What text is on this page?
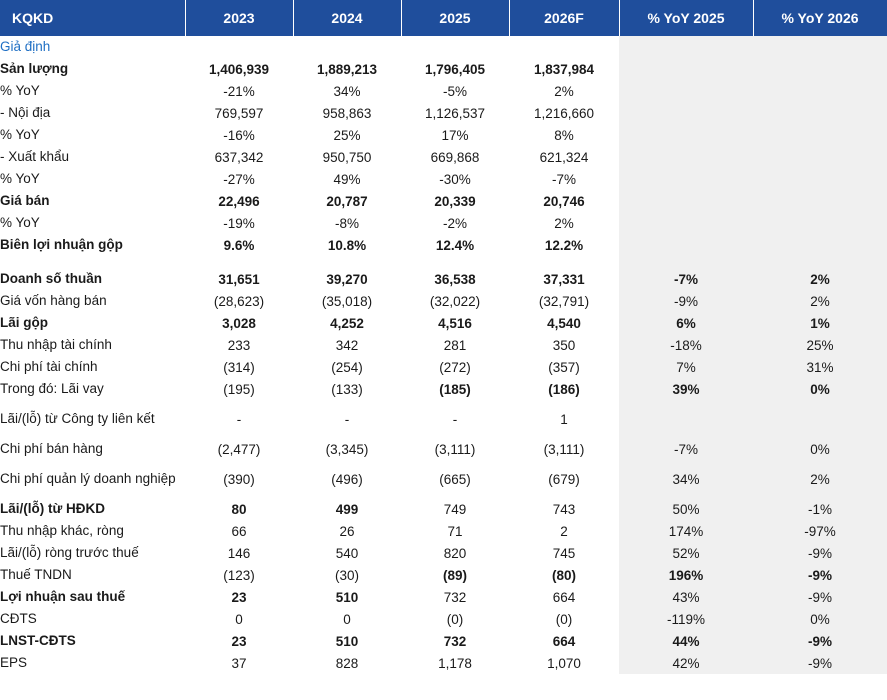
KQKD	2023	2024	2025	2026F	% YoY 2025	% YoY 2026
Giả định						
Sản lượng	1,406,939	1,889,213	1,796,405	1,837,984		
% YoY	-21%	34%	-5%	2%		
- Nội địa	769,597	958,863	1,126,537	1,216,660		
% YoY	-16%	25%	17%	8%		
- Xuất khẩu	637,342	950,750	669,868	621,324		
% YoY	-27%	49%	-30%	-7%		
Giá bán	22,496	20,787	20,339	20,746		
% YoY	-19%	-8%	-2%	2%		
Biên lợi nhuận gộp	9.6%	10.8%	12.4%	12.2%		

Doanh số thuần	31,651	39,270	36,538	37,331	-7%	2%
Giá vốn hàng bán	(28,623)	(35,018)	(32,022)	(32,791)	-9%	2%
Lãi gộp	3,028	4,252	4,516	4,540	6%	1%
Thu nhập tài chính	233	342	281	350	-18%	25%
Chi phí tài chính	(314)	(254)	(272)	(357)	7%	31%
Trong đó: Lãi vay	(195)	(133)	(185)	(186)	39%	0%
Lãi/(lỗ) từ Công ty liên kết	-	-	-	1		
Chi phí bán hàng	(2,477)	(3,345)	(3,111)	(3,111)	-7%	0%
Chi phí quản lý doanh nghiệp	(390)	(496)	(665)	(679)	34%	2%
Lãi/(lỗ) từ HĐKD	80	499	749	743	50%	-1%
Thu nhập khác, ròng	66	26	71	2	174%	-97%
Lãi/(lỗ) ròng trước thuế	146	540	820	745	52%	-9%
Thuế TNDN	(123)	(30)	(89)	(80)	196%	-9%
Lợi nhuận sau thuế	23	510	732	664	43%	-9%
CĐTS	0	0	(0)	(0)	-119%	0%
LNST-CĐTS	23	510	732	664	44%	-9%
EPS	37	828	1,178	1,070	42%	-9%
